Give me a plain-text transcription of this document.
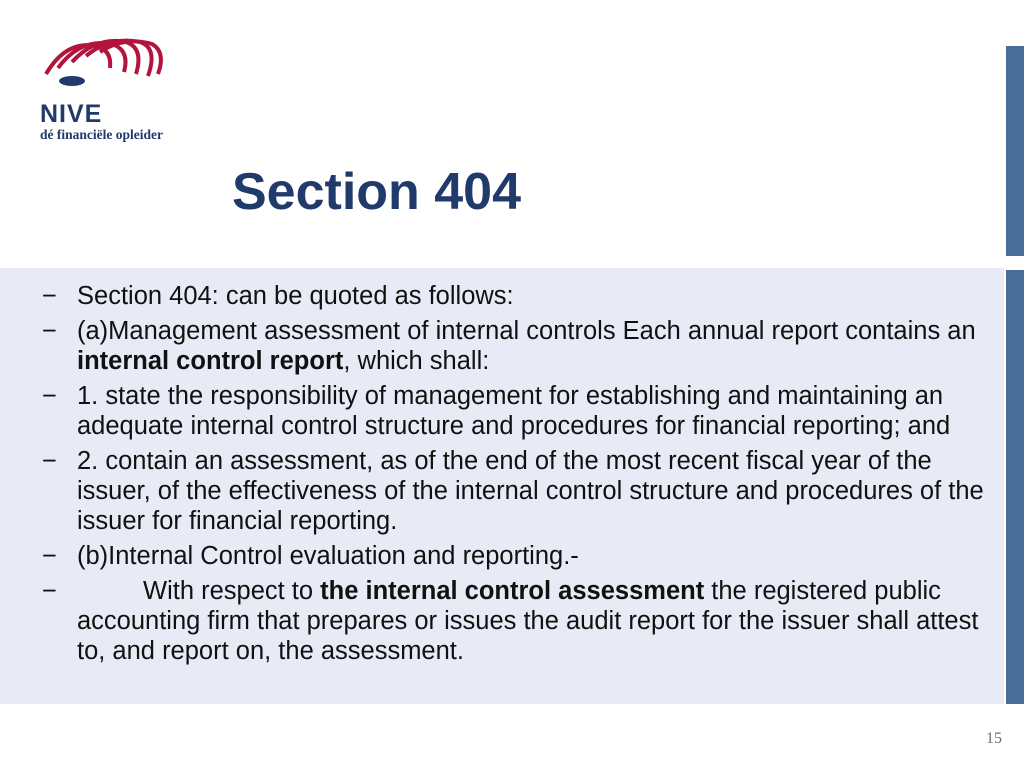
NIVE
dé financiële opleider
Section 404
− Section 404: can be quoted as follows:
− (a)Management assessment of internal controls Each annual report contains an internal control report, which shall:
− 1. state the responsibility of management for establishing and maintaining an adequate internal control structure and procedures for financial reporting; and
− 2. contain an assessment, as of the end of the most recent fiscal year of the issuer, of the effectiveness of the internal control structure and procedures of the issuer for financial reporting.
− (b)Internal Control evaluation and reporting.-
−	With respect to the internal control assessment the registered public accounting firm that prepares or issues the audit report for the issuer shall attest to, and report on, the assessment.
15
